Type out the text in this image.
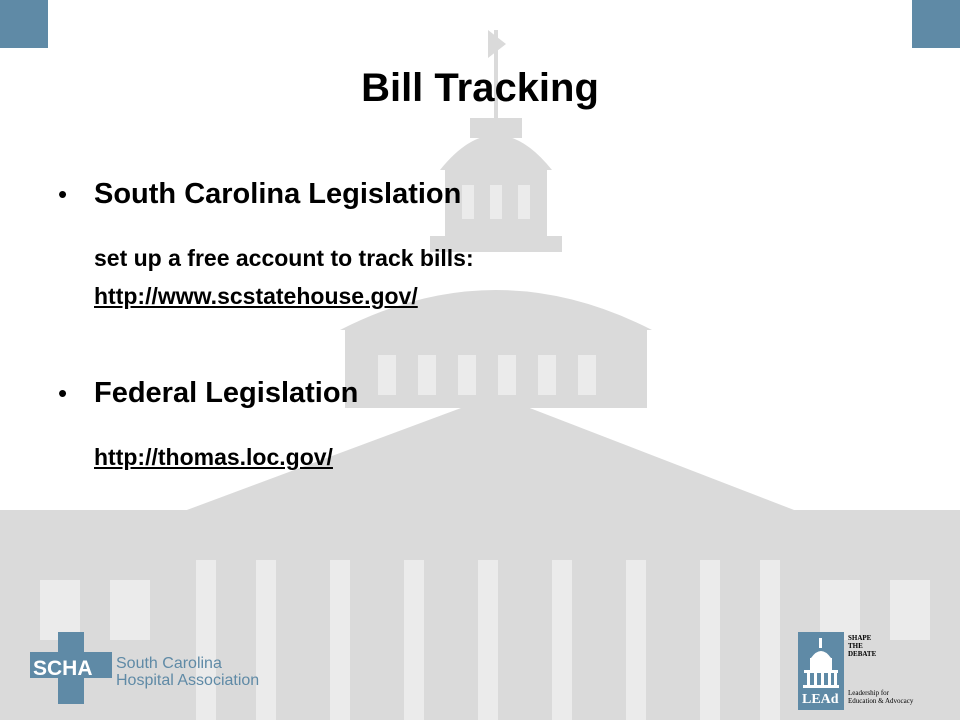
Bill Tracking
• South Carolina Legislation
set up a free account to track bills:
http://www.scstatehouse.gov/
• Federal Legislation
http://thomas.loc.gov/
SCHA South Carolina
Hospital Association
LEAd
SHAPE
THE
DEBATE
Leadership for
Education & Advocacy
